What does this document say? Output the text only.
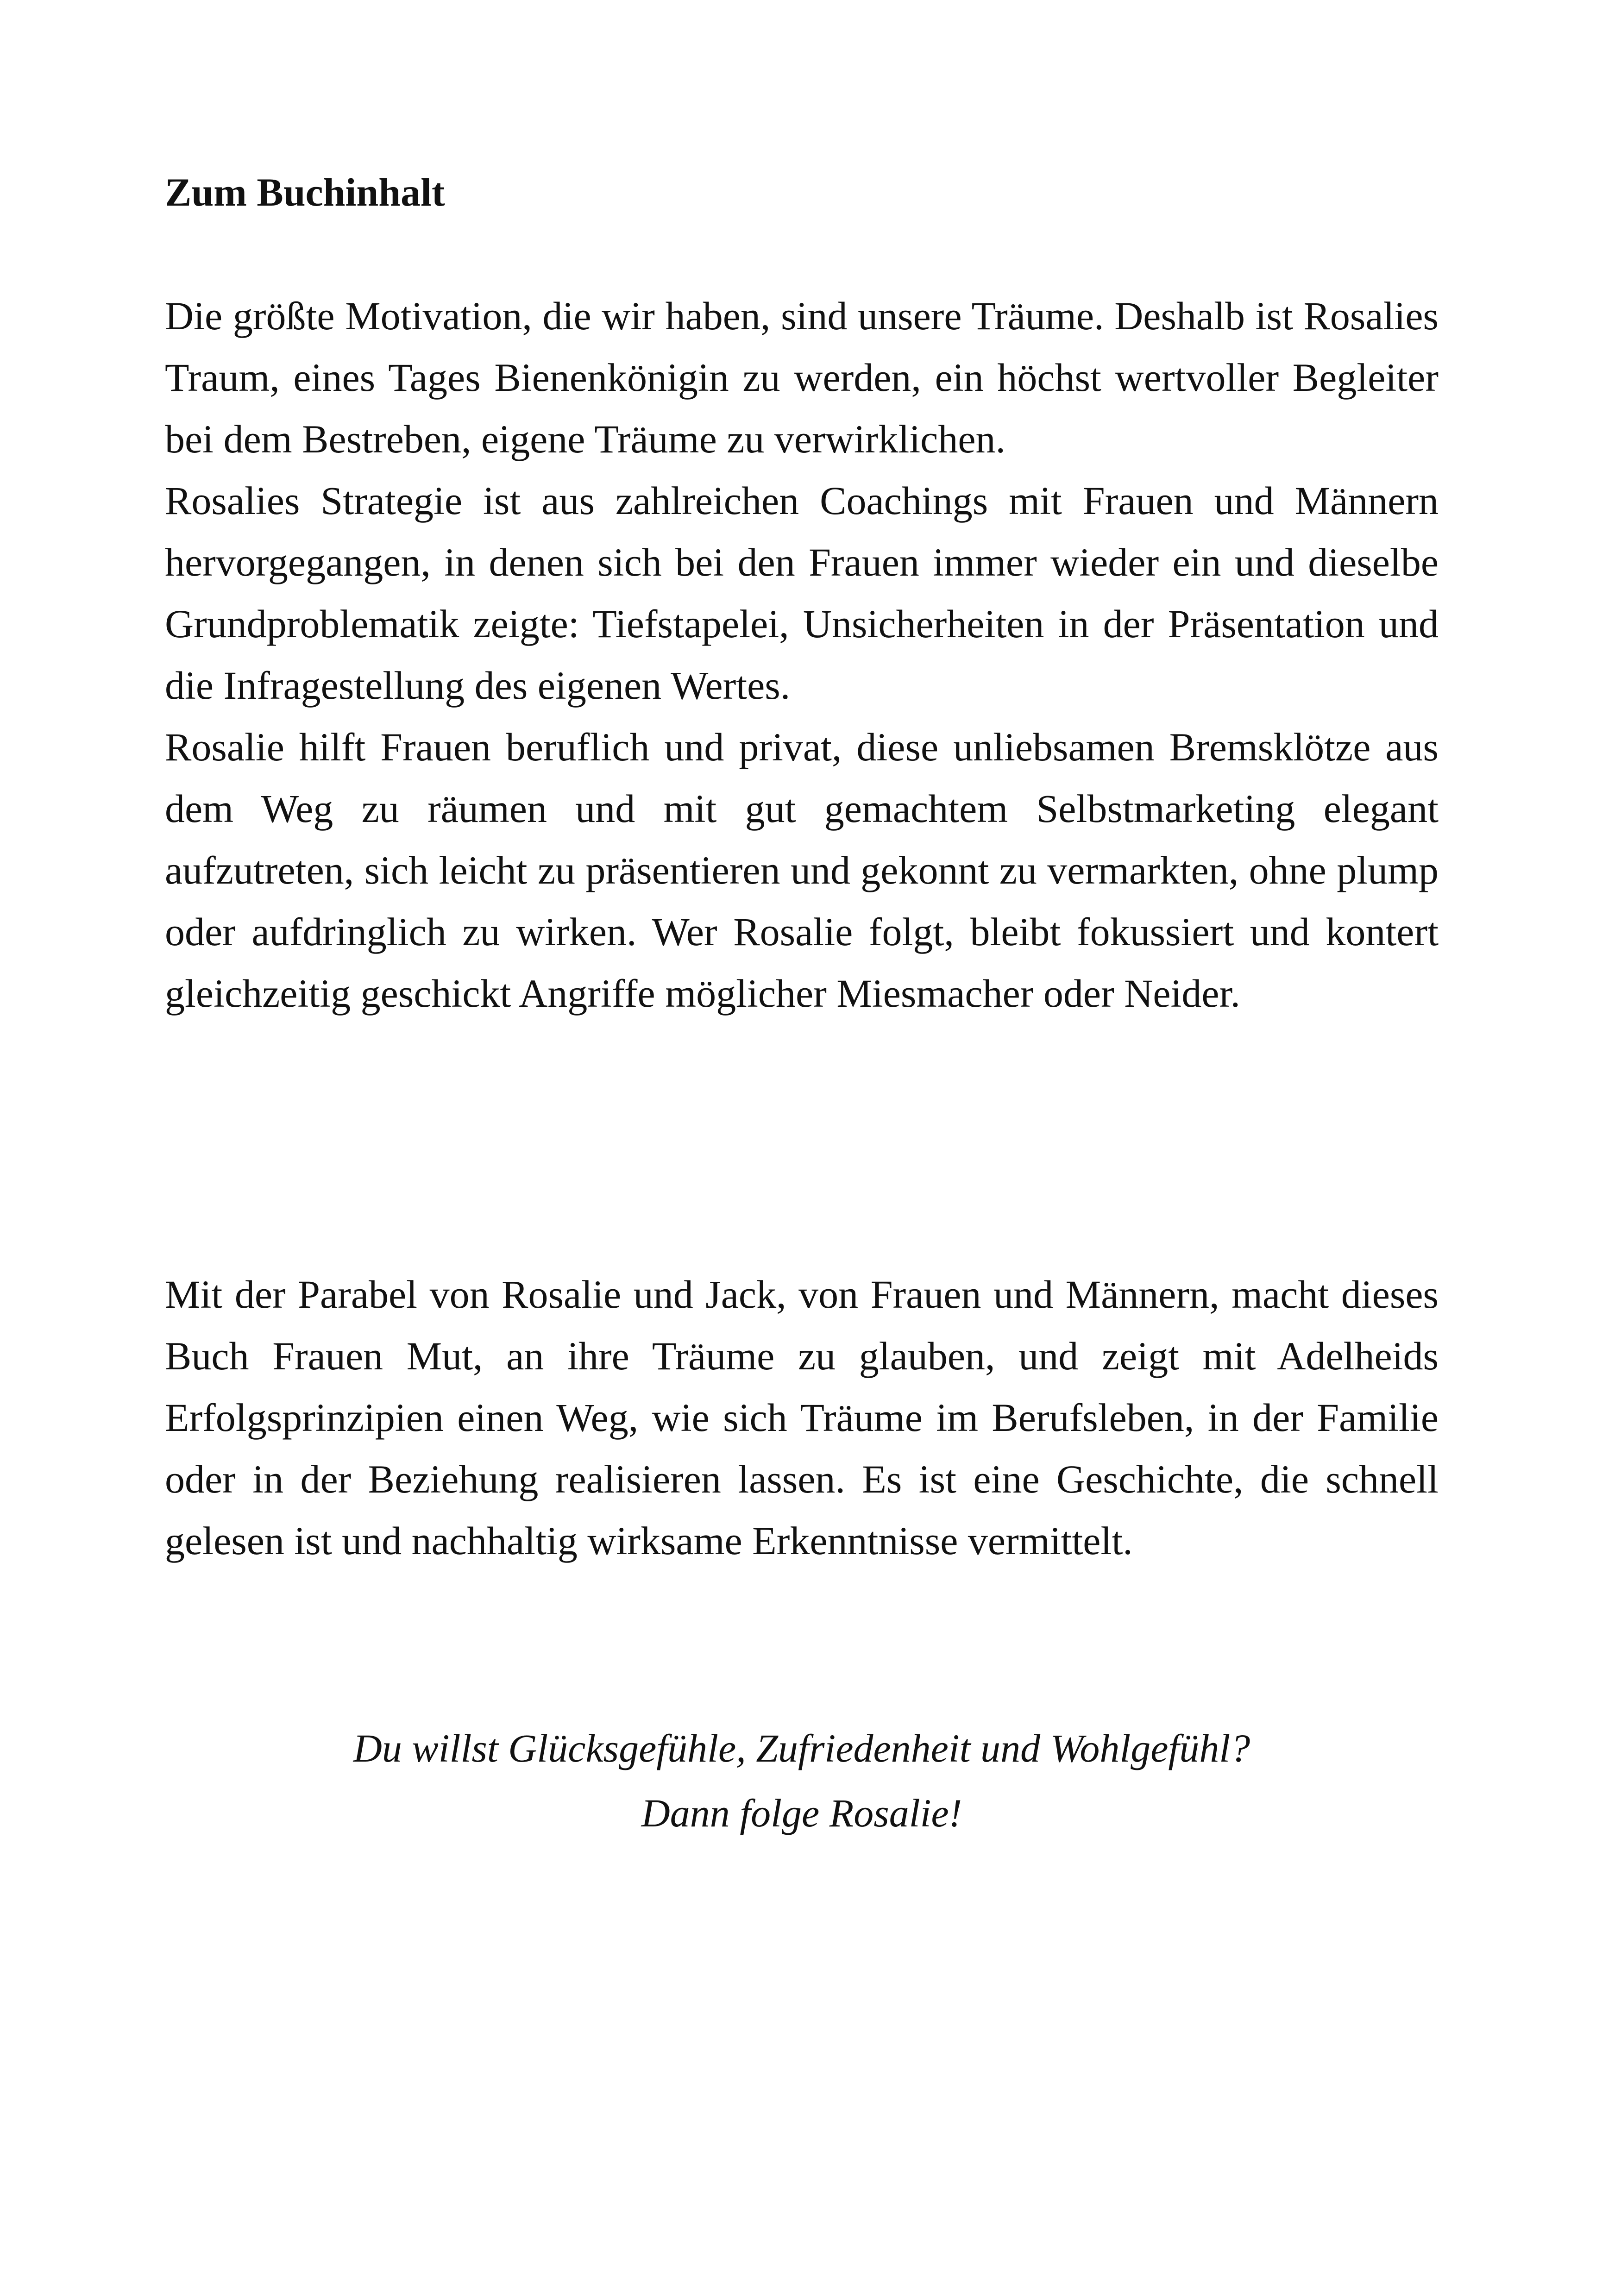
Zum Buchinhalt

Die größte Motivation, die wir haben, sind unsere Träume. Deshalb ist Rosalies Traum, eines Tages Bienenkönigin zu werden, ein höchst wertvoller Begleiter bei dem Bestreben, eigene Träume zu verwirklichen.

Rosalies Strategie ist aus zahlreichen Coachings mit Frauen und Männern hervorgegangen, in denen sich bei den Frauen immer wieder ein und dieselbe Grundproblematik zeigte: Tiefstapelei, Unsicherheiten in der Präsentation und die Infragestellung des eigenen Wertes.

Rosalie hilft Frauen beruflich und privat, diese unliebsamen Bremsklötze aus dem Weg zu räumen und mit gut gemachtem Selbstmarketing elegant aufzutreten, sich leicht zu präsentieren und gekonnt zu vermarkten, ohne plump oder aufdringlich zu wirken. Wer Rosalie folgt, bleibt fokussiert und kontert gleichzeitig geschickt Angriffe möglicher Miesmacher oder Neider.

Mit der Parabel von Rosalie und Jack, von Frauen und Männern, macht dieses Buch Frauen Mut, an ihre Träume zu glauben, und zeigt mit Adelheids Erfolgsprinzipien einen Weg, wie sich Träume im Berufsleben, in der Familie oder in der Beziehung realisieren lassen. Es ist eine Geschichte, die schnell gelesen ist und nachhaltig wirksame Erkenntnisse vermittelt.

Du willst Glücksgefühle, Zufriedenheit und Wohlgefühl?
Dann folge Rosalie!
